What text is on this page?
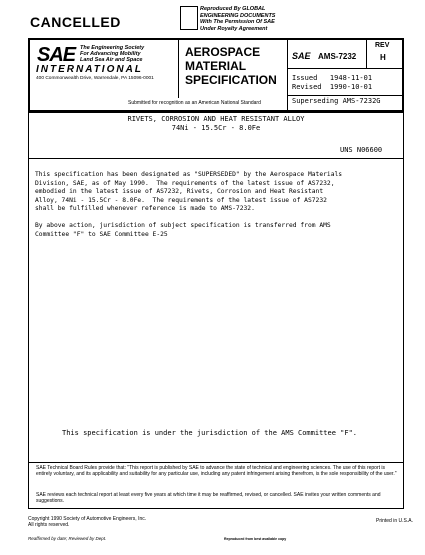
CANCELLED
Reproduced By GLOBAL
ENGINEERING DOCUMENTS
With The Permission Of SAE
Under Royalty Agreement
SAE The Engineering Society
For Advancing Mobility
Land Sea Air and Space
INTERNATIONAL
400 Commonwealth Drive, Warrendale, PA 15096-0001
AEROSPACE
MATERIAL
SPECIFICATION
SAE AMS-7232
REV
H
Issued   1948-11-01
Revised  1990-10-01
Superseding AMS-7232G
Submitted for recognition as an American National Standard
RIVETS, CORROSION AND HEAT RESISTANT ALLOY
74Ni - 15.5Cr - 8.0Fe
UNS N06600
This specification has been designated as "SUPERSEDED" by the Aerospace Materials
Division, SAE, as of May 1990.  The requirements of the latest issue of AS7232,
embodied in the latest issue of AS7232, Rivets, Corrosion and Heat Resistant
Alloy, 74Ni - 15.5Cr - 8.0Fe.  The requirements of the latest issue of AS7232
shall be fulfilled whenever reference is made to AMS-7232.
By above action, jurisdiction of subject specification is transferred from AMS
Committee "F" to SAE Committee E-25
This specification is under the jurisdiction of the AMS Committee "F".
SAE Technical Board Rules provide that: "This report is published by SAE to advance the state of technical and engineering sciences. The use of this report is entirely voluntary, and its applicability and suitability for any particular use, including any patent infringement arising therefrom, is the sole responsibility of the user."
SAE reviews each technical report at least every five years at which time it may be reaffirmed, revised, or cancelled. SAE invites your written comments and suggestions.
Copyright 1990 Society of Automotive Engineers, Inc.
All rights reserved.
Printed in U.S.A.
Reproduced from best available copy
Reaffirmed by date; Reviewed by Dept.
